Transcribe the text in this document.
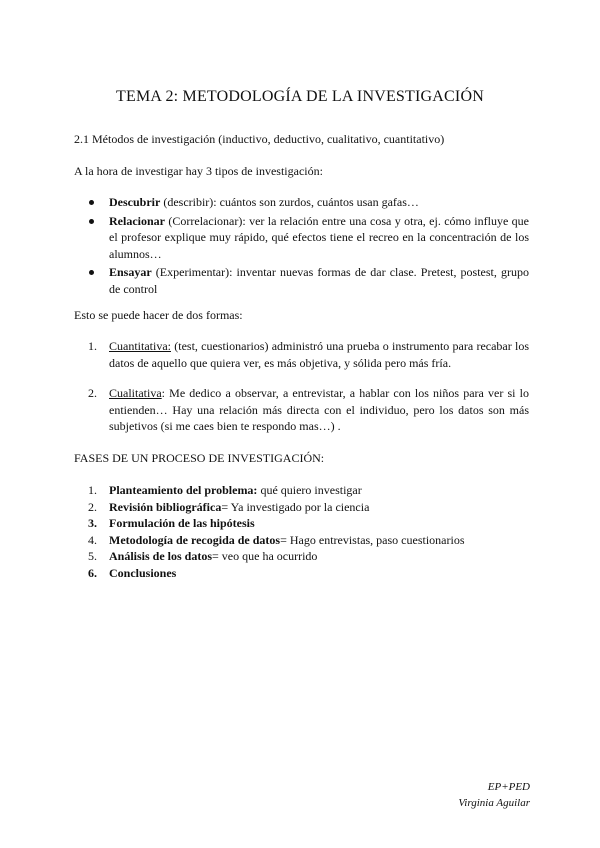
TEMA 2: METODOLOGÍA DE LA INVESTIGACIÓN
2.1 Métodos de investigación (inductivo, deductivo, cualitativo, cuantitativo)
A la hora de investigar hay 3 tipos de investigación:
Descubrir (describir): cuántos son zurdos, cuántos usan gafas…
Relacionar (Correlacionar): ver la relación entre una cosa y otra, ej. cómo influye que el profesor explique muy rápido, qué efectos tiene el recreo en la concentración de los alumnos…
Ensayar (Experimentar): inventar nuevas formas de dar clase. Pretest, postest, grupo de control
Esto se puede hacer de dos formas:
1. Cuantitativa: (test, cuestionarios) administró una prueba o instrumento para recabar los datos de aquello que quiera ver, es más objetiva, y sólida pero más fría.
2. Cualitativa: Me dedico a observar, a entrevistar, a hablar con los niños para ver si lo entienden… Hay una relación más directa con el individuo, pero los datos son más subjetivos (si me caes bien te respondo mas…) .
FASES DE UN PROCESO DE INVESTIGACIÓN:
1. Planteamiento del problema: qué quiero investigar
2. Revisión bibliográfica= Ya investigado por la ciencia
3. Formulación de las hipótesis
4. Metodología de recogida de datos= Hago entrevistas, paso cuestionarios
5. Análisis de los datos= veo que ha ocurrido
6. Conclusiones
EP+PED
Virginia Aguilar
